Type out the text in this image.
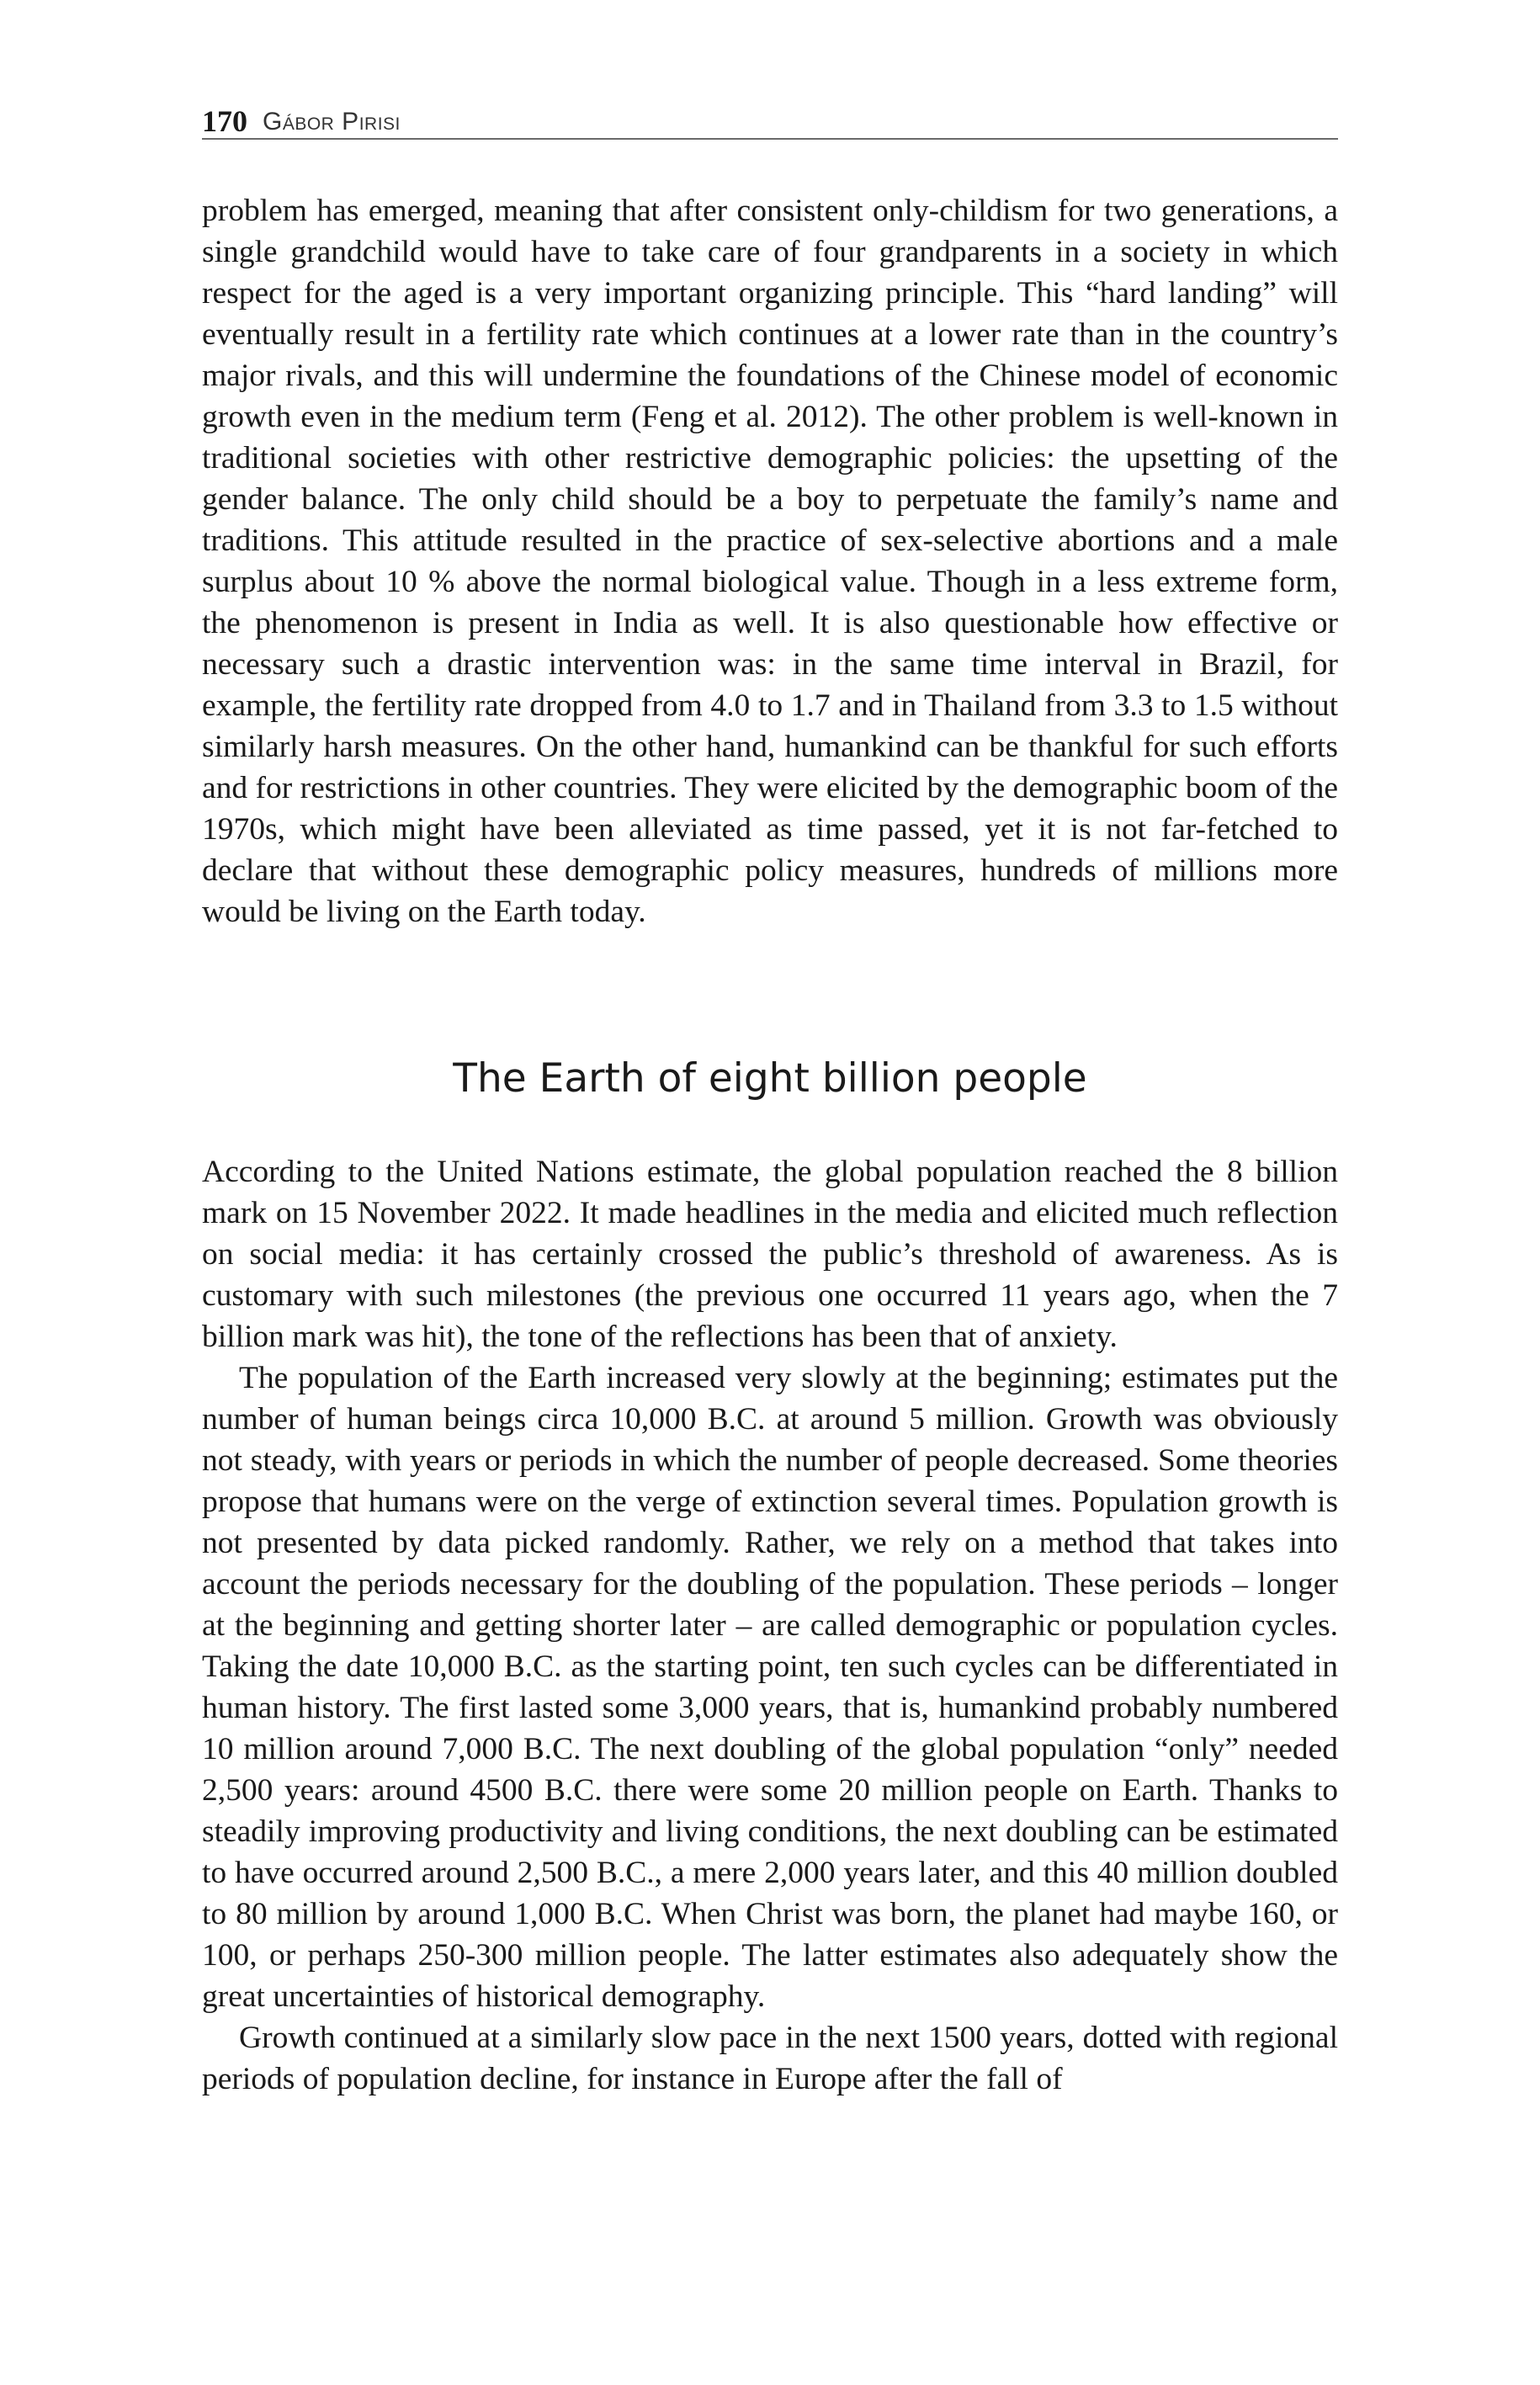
170 Gábor Pirisi

problem has emerged, meaning that after consistent only-childism for two generations, a single grandchild would have to take care of four grandparents in a society in which respect for the aged is a very important organizing principle. This “hard landing” will eventually result in a fertility rate which continues at a lower rate than in the country’s major rivals, and this will undermine the foundations of the Chinese model of economic growth even in the medium term (Feng et al. 2012). The other problem is well-known in traditional societies with other restrictive demographic policies: the upsetting of the gender balance. The only child should be a boy to perpetuate the family’s name and traditions. This attitude resulted in the practice of sex-selective abortions and a male surplus about 10 % above the normal biological value. Though in a less extreme form, the phenomenon is present in India as well. It is also questionable how effective or necessary such a drastic intervention was: in the same time interval in Brazil, for example, the fertility rate dropped from 4.0 to 1.7 and in Thailand from 3.3 to 1.5 without similarly harsh measures. On the other hand, humankind can be thankful for such efforts and for restrictions in other countries. They were elicited by the demographic boom of the 1970s, which might have been alleviated as time passed, yet it is not far-fetched to declare that without these demographic policy measures, hundreds of millions more would be living on the Earth today.

The Earth of eight billion people

According to the United Nations estimate, the global population reached the 8 billion mark on 15 November 2022. It made headlines in the media and elicited much reflection on social media: it has certainly crossed the public’s threshold of awareness. As is customary with such milestones (the previous one occurred 11 years ago, when the 7 billion mark was hit), the tone of the reflections has been that of anxiety.

The population of the Earth increased very slowly at the beginning; estimates put the number of human beings circa 10,000 B.C. at around 5 million. Growth was obviously not steady, with years or periods in which the number of people decreased. Some theories propose that humans were on the verge of extinction several times. Population growth is not presented by data picked randomly. Rather, we rely on a method that takes into account the periods necessary for the doubling of the population. These periods – longer at the beginning and getting shorter later – are called demographic or population cycles. Taking the date 10,000 B.C. as the starting point, ten such cycles can be differentiated in human history. The first lasted some 3,000 years, that is, humankind probably numbered 10 million around 7,000 B.C. The next doubling of the global population “only” needed 2,500 years: around 4500 B.C. there were some 20 million people on Earth. Thanks to steadily improving productivity and living conditions, the next doubling can be estimated to have occurred around 2,500 B.C., a mere 2,000 years later, and this 40 million doubled to 80 million by around 1,000 B.C. When Christ was born, the planet had maybe 160, or 100, or perhaps 250-300 million people. The latter estimates also adequately show the great uncertainties of historical demography.

Growth continued at a similarly slow pace in the next 1500 years, dotted with regional periods of population decline, for instance in Europe after the fall of
